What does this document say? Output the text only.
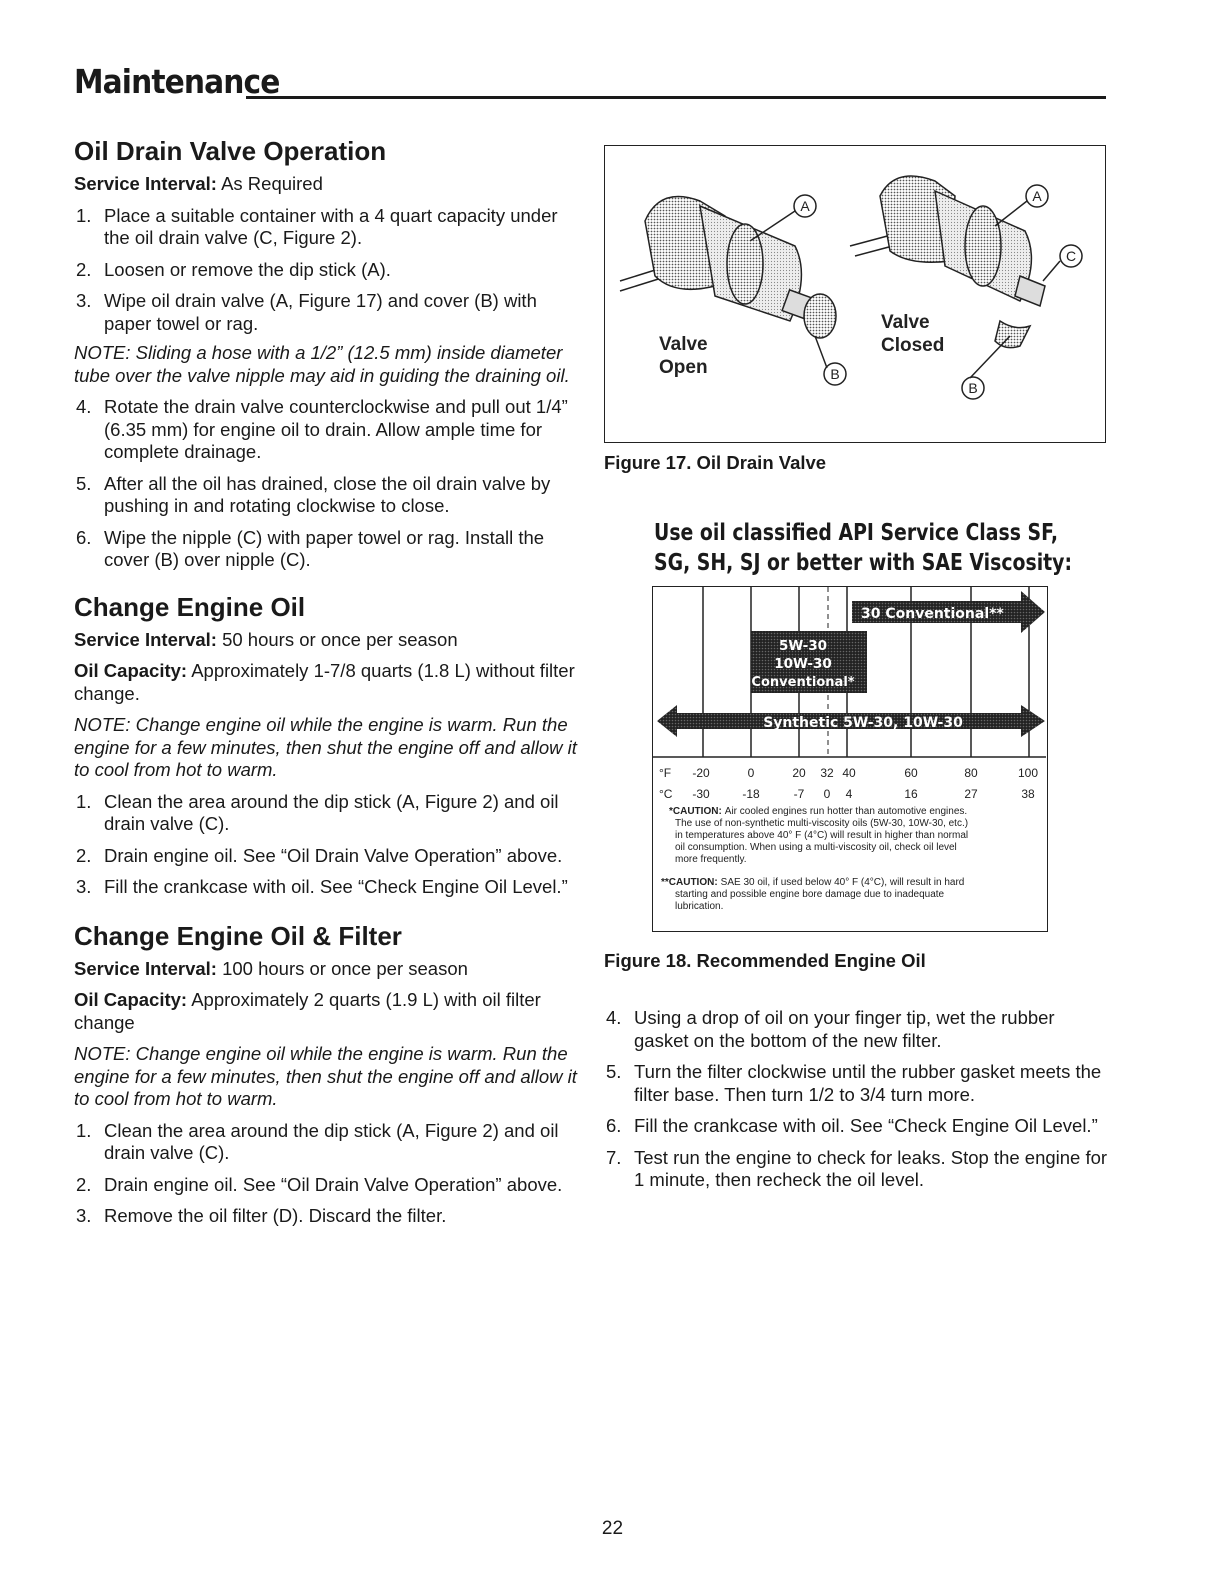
Maintenance
Oil Drain Valve Operation

Service Interval: As Required

1. Place a suitable container with a 4 quart capacity under the oil drain valve (C, Figure 2).
2. Loosen or remove the dip stick (A).
3. Wipe oil drain valve (A, Figure 17) and cover (B) with paper towel or rag.

NOTE: Sliding a hose with a 1/2” (12.5 mm) inside diameter tube over the valve nipple may aid in guiding the draining oil.

4. Rotate the drain valve counterclockwise and pull out 1/4” (6.35 mm) for engine oil to drain. Allow ample time for complete drainage.
5. After all the oil has drained, close the oil drain valve by pushing in and rotating clockwise to close.
6. Wipe the nipple (C) with paper towel or rag. Install the cover (B) over nipple (C).
Change Engine Oil

Service Interval: 50 hours or once per season

Oil Capacity: Approximately 1-7/8 quarts (1.8 L) without filter change.

NOTE: Change engine oil while the engine is warm. Run the engine for a few minutes, then shut the engine off and allow it to cool from hot to warm.

1. Clean the area around the dip stick (A, Figure 2) and oil drain valve (C).
2. Drain engine oil. See “Oil Drain Valve Operation” above.
3. Fill the crankcase with oil. See “Check Engine Oil Level.”
Change Engine Oil & Filter

Service Interval: 100 hours or once per season

Oil Capacity: Approximately 2 quarts (1.9 L) with oil filter change

NOTE: Change engine oil while the engine is warm. Run the engine for a few minutes, then shut the engine off and allow it to cool from hot to warm.

1. Clean the area around the dip stick (A, Figure 2) and oil drain valve (C).
2. Drain engine oil. See “Oil Drain Valve Operation” above.
3. Remove the oil filter (D). Discard the filter.
A
A
C
B
B
Valve
Open
Valve
Closed
Figure 17. Oil Drain Valve
Use oil classified API Service Class SF,
SG, SH, SJ or better with SAE Viscosity:
30 Conventional**
5W-30
10W-30
Conventional*
Synthetic 5W-30, 10W-30
°F -20	0	20 32 40	60	80	100
°C -30	-18	-7 0 4	16	27	38
*CAUTION: Air cooled engines run hotter than automotive engines.
The use of non-synthetic multi-viscosity oils (5W-30, 10W-30, etc.)
in temperatures above 40° F (4°C) will result in higher than normal
oil consumption. When using a multi-viscosity oil, check oil level
more frequently.
**CAUTION: SAE 30 oil, if used below 40° F (4°C), will result in hard
starting and possible engine bore damage due to inadequate
lubrication.
Figure 18. Recommended Engine Oil
4. Using a drop of oil on your finger tip, wet the rubber gasket on the bottom of the new filter.
5. Turn the filter clockwise until the rubber gasket meets the filter base. Then turn 1/2 to 3/4 turn more.
6. Fill the crankcase with oil. See “Check Engine Oil Level.”
7. Test run the engine to check for leaks. Stop the engine for 1 minute, then recheck the oil level.
22
